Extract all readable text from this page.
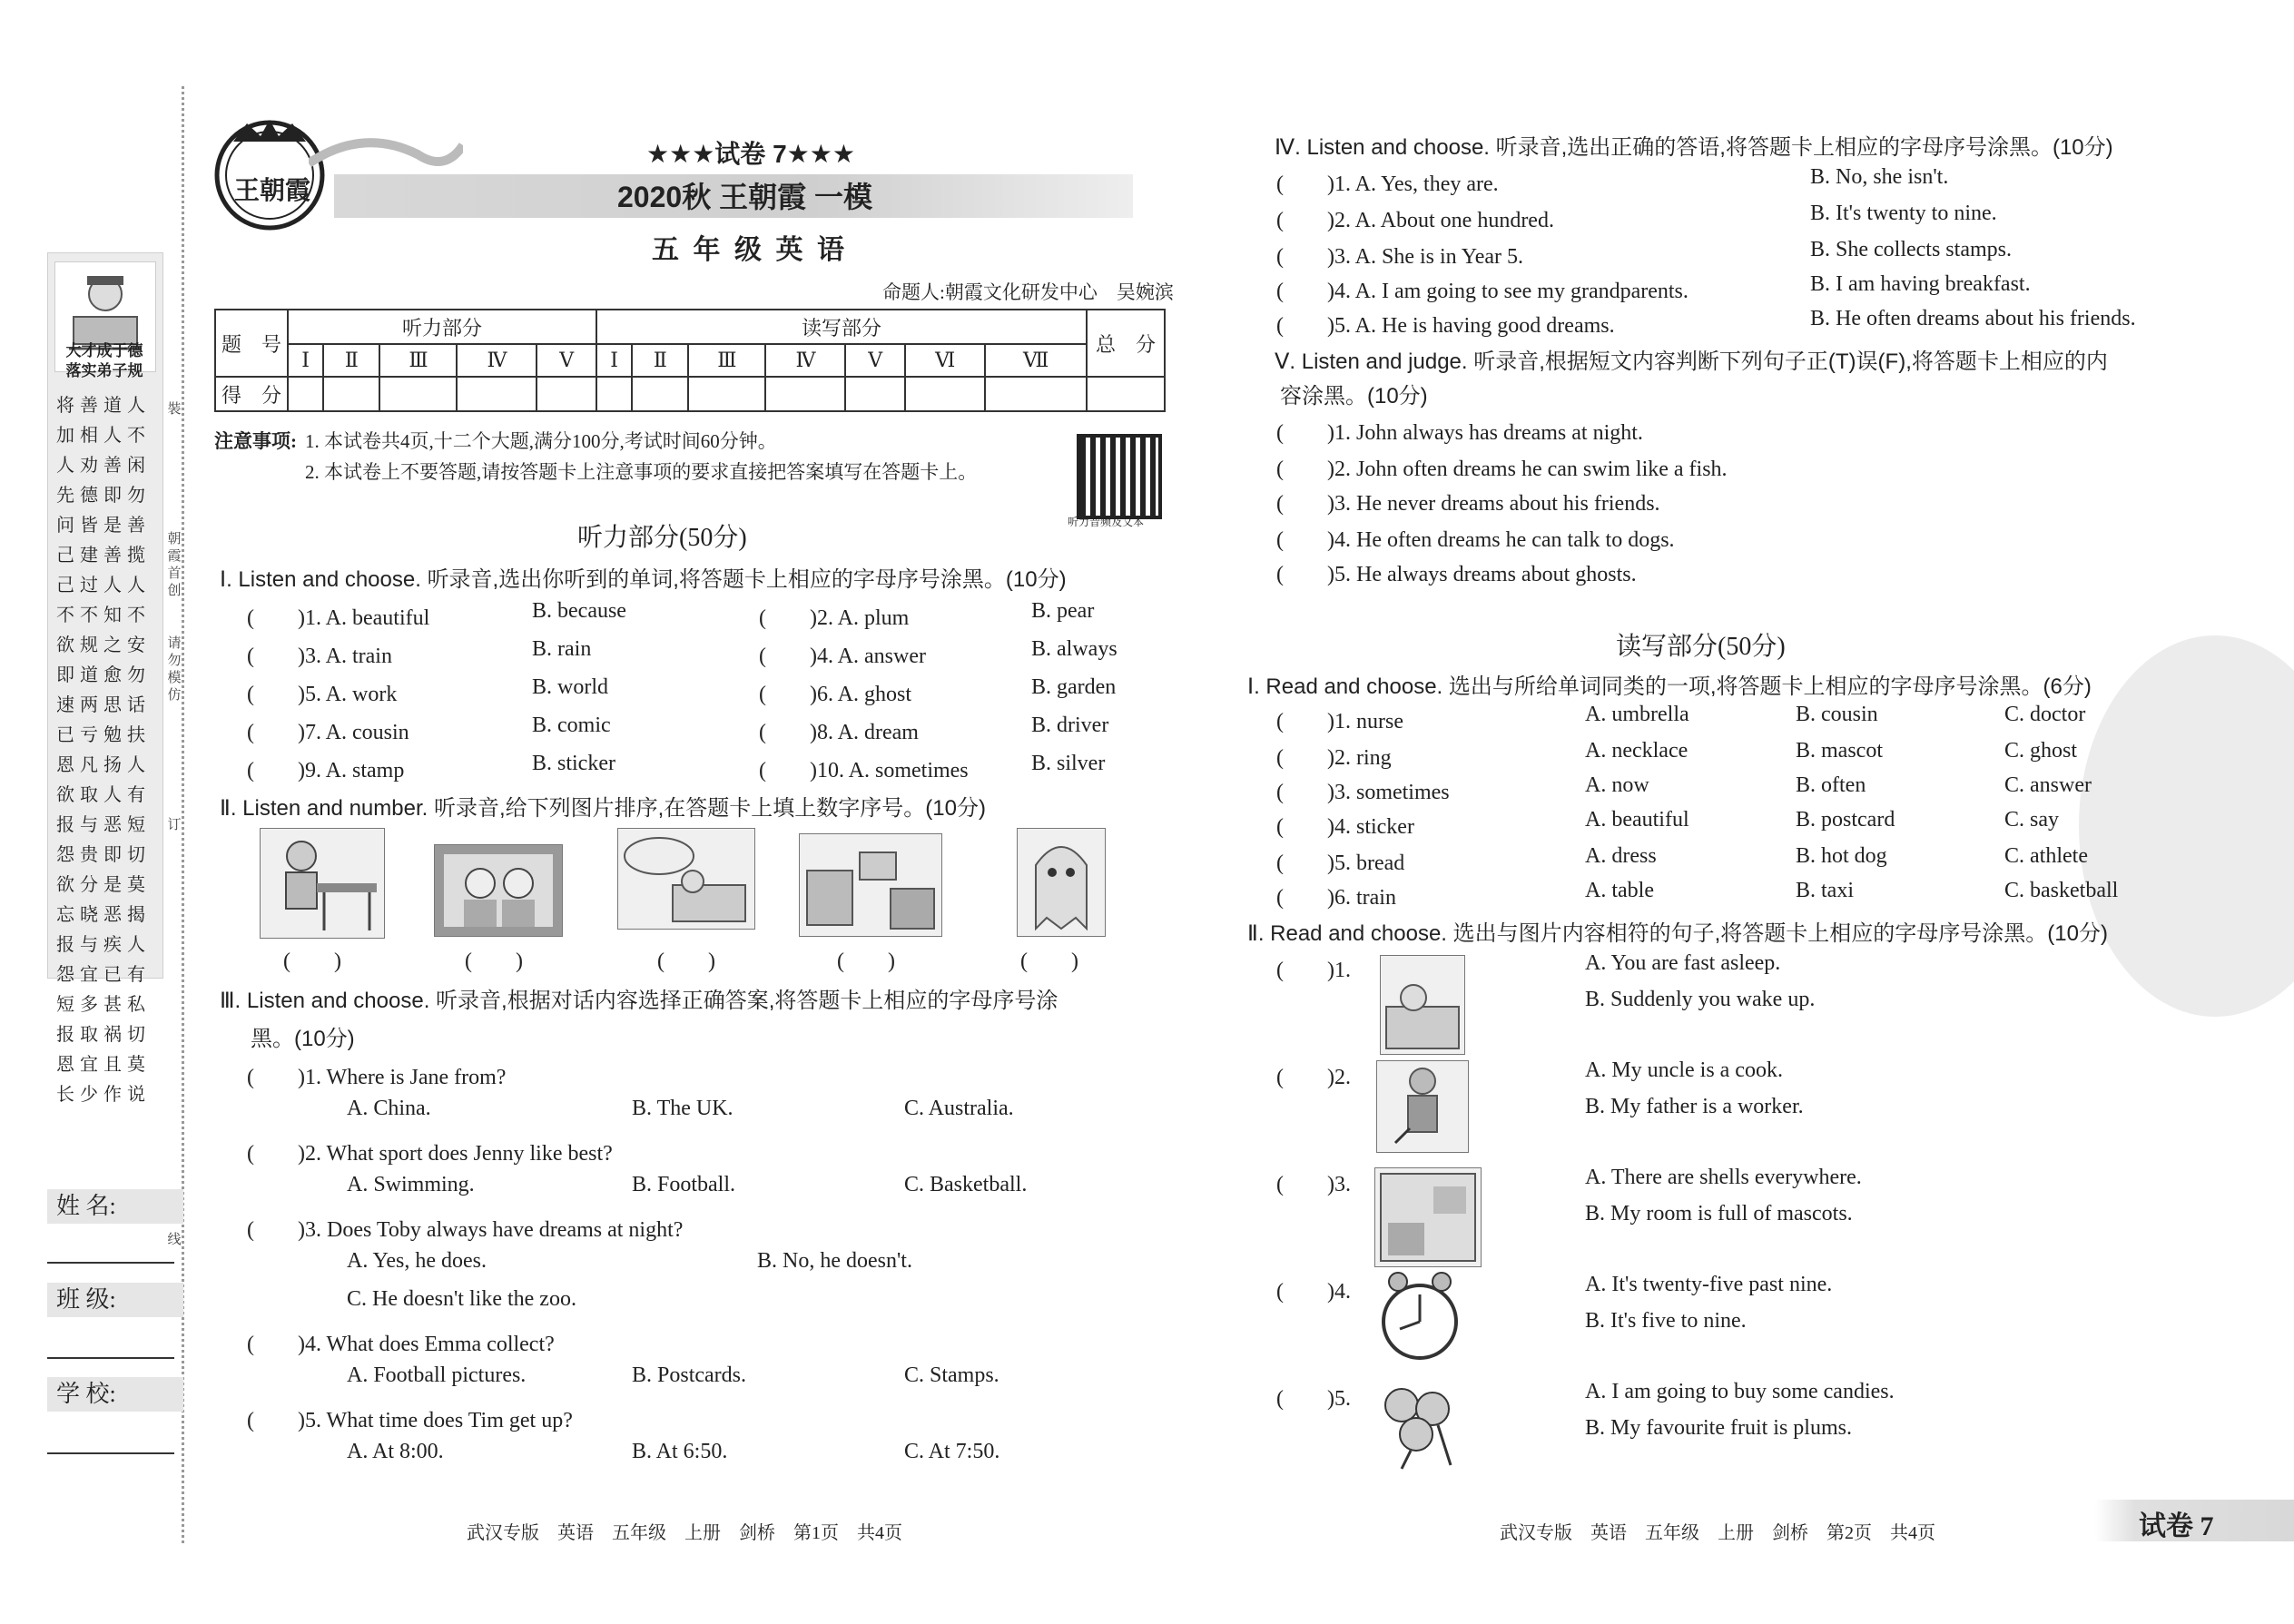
大才成于德
落实弟子规
将善道人
加相人不
人劝善闲
先德即勿
问皆是善
己建善揽
己过人人
不不知不
欲规之安
即道愈勿
速两思话
已亏勉扶
恩凡扬人
欲取人有
报与恶短
怨贵即切
欲分是莫
忘晓恶揭
报与疾人
怨宜已有
短多甚私
报取祸切
恩宜且莫
长少作说
裝
朝霞首创
请勿模仿
订
线
姓 名:
班 级:
学 校:
王朝霞
★★★试卷 7★★★
2020秋 王朝霞 一模
五 年 级 英 语
命题人:朝霞文化研发中心　吴婉滨
题　号	听力部分					读写部分							总　分
	Ⅰ	Ⅱ	Ⅲ	Ⅳ	Ⅴ	Ⅰ	Ⅱ	Ⅲ	Ⅳ	Ⅴ	Ⅵ	Ⅶ	
得　分													
注意事项: 1. 本试卷共4页,十二个大题,满分100分,考试时间60分钟。
2. 本试卷上不要答题,请按答题卡上注意事项的要求直接把答案填写在答题卡上。
听力音频及文本
听力部分(50分)
Ⅰ. Listen and choose. 听录音,选出你听到的单词,将答题卡上相应的字母序号涂黑。(10分)
(　　)1. A. beautiful	B. because	(　　)2. A. plum	B. pear
(　　)3. A. train	B. rain	(　　)4. A. answer	B. always
(　　)5. A. work	B. world	(　　)6. A. ghost	B. garden
(　　)7. A. cousin	B. comic	(　　)8. A. dream	B. driver
(　　)9. A. stamp	B. sticker	(　　)10. A. sometimes	B. silver
Ⅱ. Listen and number. 听录音,给下列图片排序,在答题卡上填上数字序号。(10分)
(　　)	(　　)	(　　)	(　　)	(　　)
Ⅲ. Listen and choose. 听录音,根据对话内容选择正确答案,将答题卡上相应的字母序号涂
黑。(10分)
(　　)1. Where is Jane from?
A. China.	B. The UK.	C. Australia.
(　　)2. What sport does Jenny like best?
A. Swimming.	B. Football.	C. Basketball.
(　　)3. Does Toby always have dreams at night?
A. Yes, he does.	B. No, he doesn't.
C. He doesn't like the zoo.
(　　)4. What does Emma collect?
A. Football pictures.	B. Postcards.	C. Stamps.
(　　)5. What time does Tim get up?
A. At 8:00.	B. At 6:50.	C. At 7:50.
武汉专版　英语　五年级　上册　剑桥　第1页　共4页
Ⅳ. Listen and choose. 听录音,选出正确的答语,将答题卡上相应的字母序号涂黑。(10分)
(　　)1. A. Yes, they are.	B. No, she isn't.
(　　)2. A. About one hundred.	B. It's twenty to nine.
(　　)3. A. She is in Year 5.	B. She collects stamps.
(　　)4. A. I am going to see my grandparents.	B. I am having breakfast.
(　　)5. A. He is having good dreams.	B. He often dreams about his friends.
Ⅴ. Listen and judge. 听录音,根据短文内容判断下列句子正(T)误(F),将答题卡上相应的内
容涂黑。(10分)
(　　)1. John always has dreams at night.
(　　)2. John often dreams he can swim like a fish.
(　　)3. He never dreams about his friends.
(　　)4. He often dreams he can talk to dogs.
(　　)5. He always dreams about ghosts.
读写部分(50分)
Ⅰ. Read and choose. 选出与所给单词同类的一项,将答题卡上相应的字母序号涂黑。(6分)
(　　)1. nurse	A. umbrella	B. cousin	C. doctor
(　　)2. ring	A. necklace	B. mascot	C. ghost
(　　)3. sometimes	A. now	B. often	C. answer
(　　)4. sticker	A. beautiful	B. postcard	C. say
(　　)5. bread	A. dress	B. hot dog	C. athlete
(　　)6. train	A. table	B. taxi	C. basketball
Ⅱ. Read and choose. 选出与图片内容相符的句子,将答题卡上相应的字母序号涂黑。(10分)
(　　)1.	A. You are fast asleep.
B. Suddenly you wake up.
(　　)2.	A. My uncle is a cook.
B. My father is a worker.
(　　)3.	A. There are shells everywhere.
B. My room is full of mascots.
(　　)4.	A. It's twenty-five past nine.
B. It's five to nine.
(　　)5.	A. I am going to buy some candies.
B. My favourite fruit is plums.
武汉专版　英语　五年级　上册　剑桥　第2页　共4页	试卷 7
